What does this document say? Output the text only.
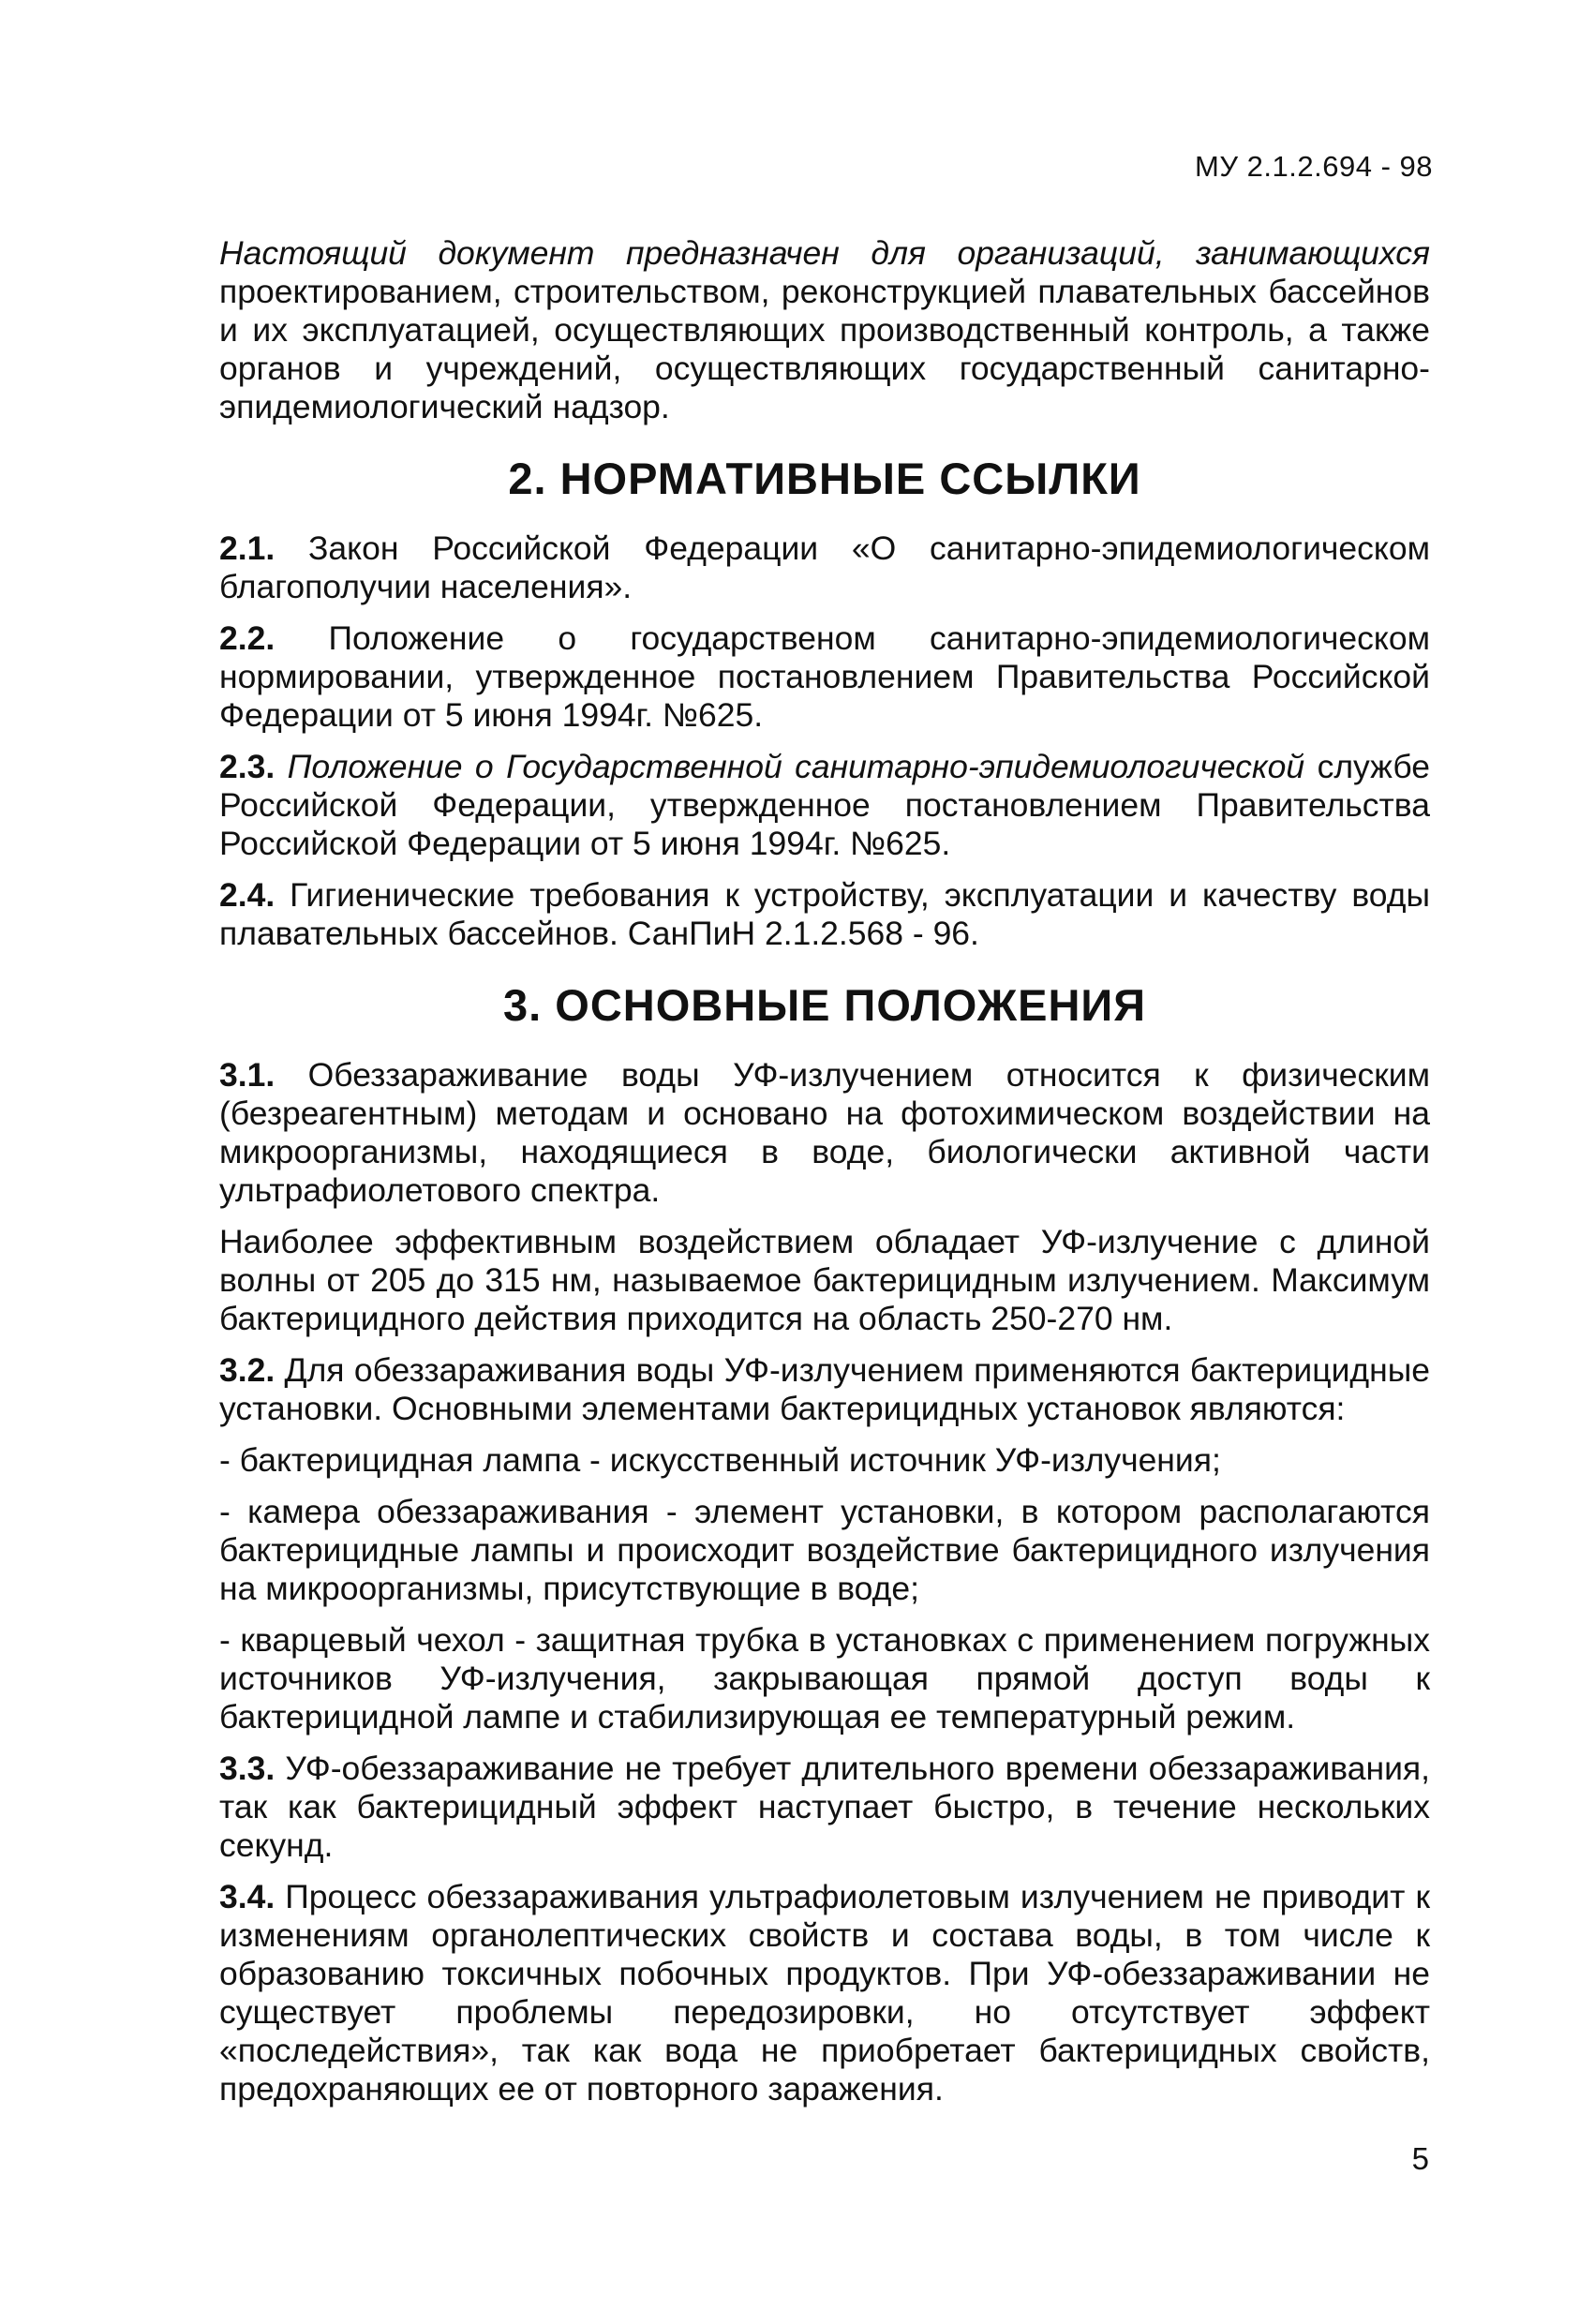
МУ 2.1.2.694 - 98

Настоящий документ предназначен для организаций, занимающихся проектированием, строительством, реконструкцией плавательных бассейнов и их эксплуатацией, осуществляющих производственный контроль, а также органов и учреждений, осуществляющих государственный санитарно-эпидемиологический надзор.

2. НОРМАТИВНЫЕ ССЫЛКИ

2.1. Закон Российской Федерации «О санитарно-эпидемиологическом благополучии населения».

2.2. Положение о государственом санитарно-эпидемиологическом нормировании, утвержденное постановлением Правительства Российской Федерации от 5 июня 1994г. №625.

2.3. Положение о Государственной санитарно-эпидемиологической службе Российской Федерации, утвержденное постановлением Правительства Российской Федерации от 5 июня 1994г. №625.

2.4. Гигиенические требования к устройству, эксплуатации и качеству воды плавательных бассейнов. СанПиН 2.1.2.568 - 96.

3. ОСНОВНЫЕ ПОЛОЖЕНИЯ

3.1. Обеззараживание воды УФ-излучением относится к физическим (безреагентным) методам и основано на фотохимическом воздействии на микроорганизмы, находящиеся в воде, биологически активной части ультрафиолетового спектра.

Наиболее эффективным воздействием обладает УФ-излучение с длиной волны от 205 до 315 нм, называемое бактерицидным излучением. Максимум бактерицидного действия приходится на область 250-270 нм.

3.2. Для обеззараживания воды УФ-излучением применяются бактерицидные установки. Основными элементами бактерицидных установок являются:

- бактерицидная лампа - искусственный источник УФ-излучения;

- камера обеззараживания - элемент установки, в котором располагаются бактерицидные лампы и происходит воздействие бактерицидного излучения на микроорганизмы, присутствующие в воде;

- кварцевый чехол - защитная трубка в установках с применением погружных источников УФ-излучения, закрывающая прямой доступ воды к бактерицидной лампе и стабилизирующая ее температурный режим.

3.3. УФ-обеззараживание не требует длительного времени обеззараживания, так как бактерицидный эффект наступает быстро, в течение нескольких секунд.

3.4. Процесс обеззараживания ультрафиолетовым излучением не приводит к изменениям органолептических свойств и состава воды, в том числе к образованию токсичных побочных продуктов. При УФ-обеззараживании не существует проблемы передозировки, но отсутствует эффект «последействия», так как вода не приобретает бактерицидных свойств, предохраняющих ее от повторного заражения.

5
